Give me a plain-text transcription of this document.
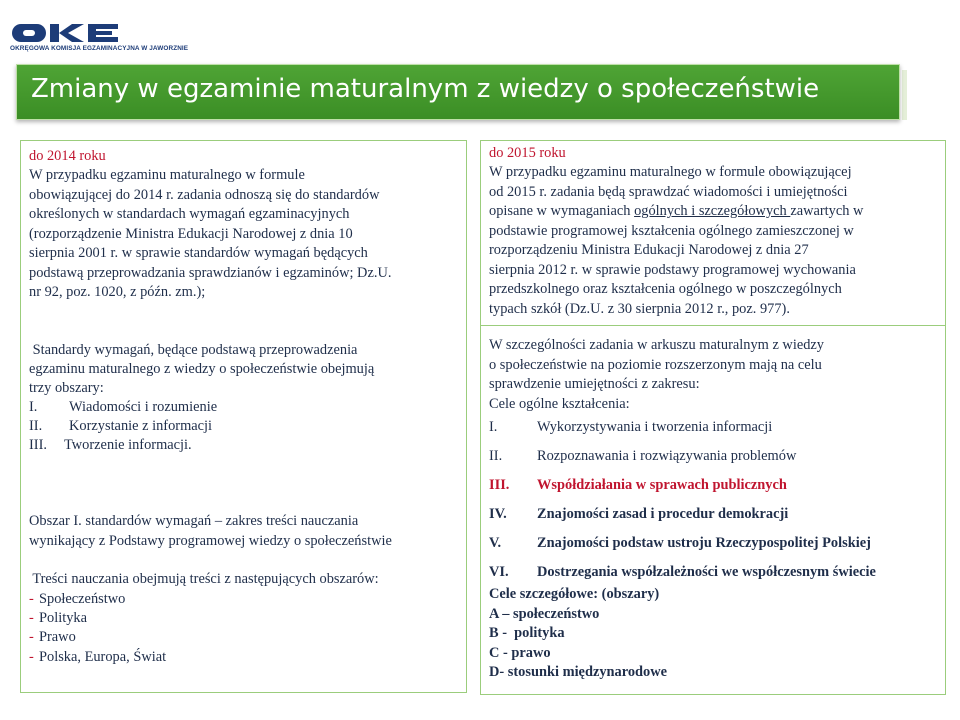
OKRĘGOWA KOMISJA EGZAMINACYJNA W JAWORZNIE
Zmiany w egzaminie maturalnym z wiedzy o społeczeństwie
do 2014 roku
W przypadku egzaminu maturalnego w formule
obowiązującej do 2014 r. zadania odnoszą się do standardów
określonych w standardach wymagań egzaminacyjnych
(rozporządzenie Ministra Edukacji Narodowej z dnia 10
sierpnia 2001 r. w sprawie standardów wymagań będących
podstawą przeprowadzania sprawdzianów i egzaminów; Dz.U.
nr 92, poz. 1020, z późn. zm.);
Standardy wymagań, będące podstawą przeprowadzenia
egzaminu maturalnego z wiedzy o społeczeństwie obejmują
trzy obszary:
I. Wiadomości i rozumienie
II. Korzystanie z informacji
III. Tworzenie informacji.
Obszar I. standardów wymagań – zakres treści nauczania
wynikający z Podstawy programowej wiedzy o społeczeństwie
Treści nauczania obejmują treści z następujących obszarów:
- Społeczeństwo
- Polityka
- Prawo
- Polska, Europa, Świat
do 2015 roku
W przypadku egzaminu maturalnego w formule obowiązującej
od 2015 r. zadania będą sprawdzać wiadomości i umiejętności
opisane w wymaganiach ogólnych i szczegółowych zawartych w
podstawie programowej kształcenia ogólnego zamieszczonej w
rozporządzeniu Ministra Edukacji Narodowej z dnia 27
sierpnia 2012 r. w sprawie podstawy programowej wychowania
przedszkolnego oraz kształcenia ogólnego w poszczególnych
typach szkół (Dz.U. z 30 sierpnia 2012 r., poz. 977).
W szczególności zadania w arkuszu maturalnym z wiedzy
o społeczeństwie na poziomie rozszerzonym mają na celu
sprawdzenie umiejętności z zakresu:
Cele ogólne kształcenia:
I.	Wykorzystywania i tworzenia informacji
II. Rozpoznawania i rozwiązywania problemów
III. Współdziałania w sprawach publicznych
IV. Znajomości zasad i procedur demokracji
V. Znajomości podstaw ustroju Rzeczypospolitej Polskiej
VI. Dostrzegania współzależności we współczesnym świecie
Cele szczegółowe: (obszary)
A – społeczeństwo
B -  polityka
C - prawo
D- stosunki międzynarodowe
